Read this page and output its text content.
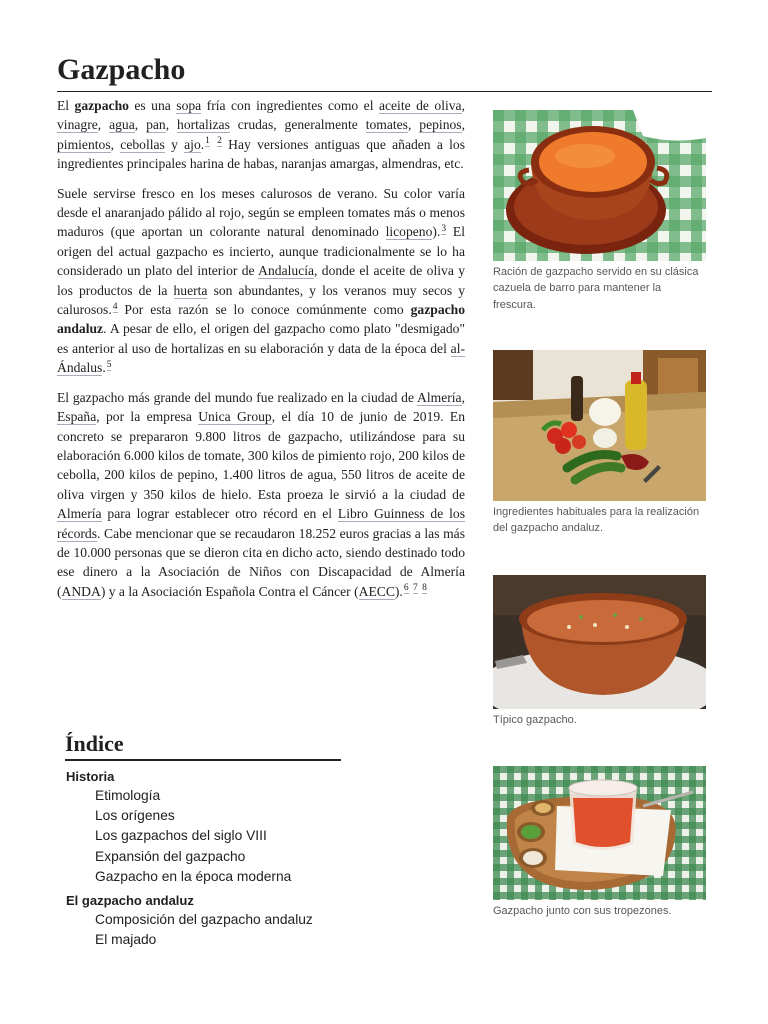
Gazpacho

El gazpacho es una sopa fría con ingredientes como el aceite de oliva, vinagre, agua, pan, hortalizas crudas, generalmente tomates, pepinos, pimientos, cebollas y ajo.$^1$ $^2$ Hay versiones antiguas que añaden a los ingredientes principales harina de habas, naranjas amargas, almendras, etc.

Suele servirse fresco en los meses calurosos de verano. Su color varía desde el anaranjado pálido al rojo, según se empleen tomates más o menos maduros (que aportan un colorante natural denominado licopeno).$^3$ El origen del actual gazpacho es incierto, aunque tradicionalmente se lo ha considerado un plato del interior de Andalucía, donde el aceite de oliva y los productos de la huerta son abundantes, y los veranos muy secos y calurosos.$^4$ Por esta razón se lo conoce comúnmente como gazpacho andaluz. A pesar de ello, el origen del gazpacho como plato "desmigado" es anterior al uso de hortalizas en su elaboración y data de la época del al-Ándalus.$^5$

El gazpacho más grande del mundo fue realizado en la ciudad de Almería, España, por la empresa Unica Group, el día 10 de junio de 2019. En concreto se prepararon 9.800 litros de gazpacho, utilizándose para su elaboración 6.000 kilos de tomate, 300 kilos de pimiento rojo, 200 kilos de cebolla, 200 kilos de pepino, 1.400 litros de agua, 550 litros de aceite de oliva virgen y 350 kilos de hielo. Esta proeza le sirvió a la ciudad de Almería para lograr establecer otro récord en el Libro Guinness de los récords. Cabe mencionar que se recaudaron 18.252 euros gracias a las más de 10.000 personas que se dieron cita en dicho acto, siendo destinado todo ese dinero a la Asociación de Niños con Discapacidad de Almería (ANDA) y a la Asociación Española Contra el Cáncer (AECC).$^6$ $^7$ $^8$

Ración de gazpacho servido en su clásica cazuela de barro para mantener la frescura.
Ingredientes habituales para la realización del gazpacho andaluz.
Típico gazpacho.
Gazpacho junto con sus tropezones.
Índice
Historia
Etimología
Los orígenes
Los gazpachos del siglo VIII
Expansión del gazpacho
Gazpacho en la época moderna
El gazpacho andaluz
Composición del gazpacho andaluz
El majado
